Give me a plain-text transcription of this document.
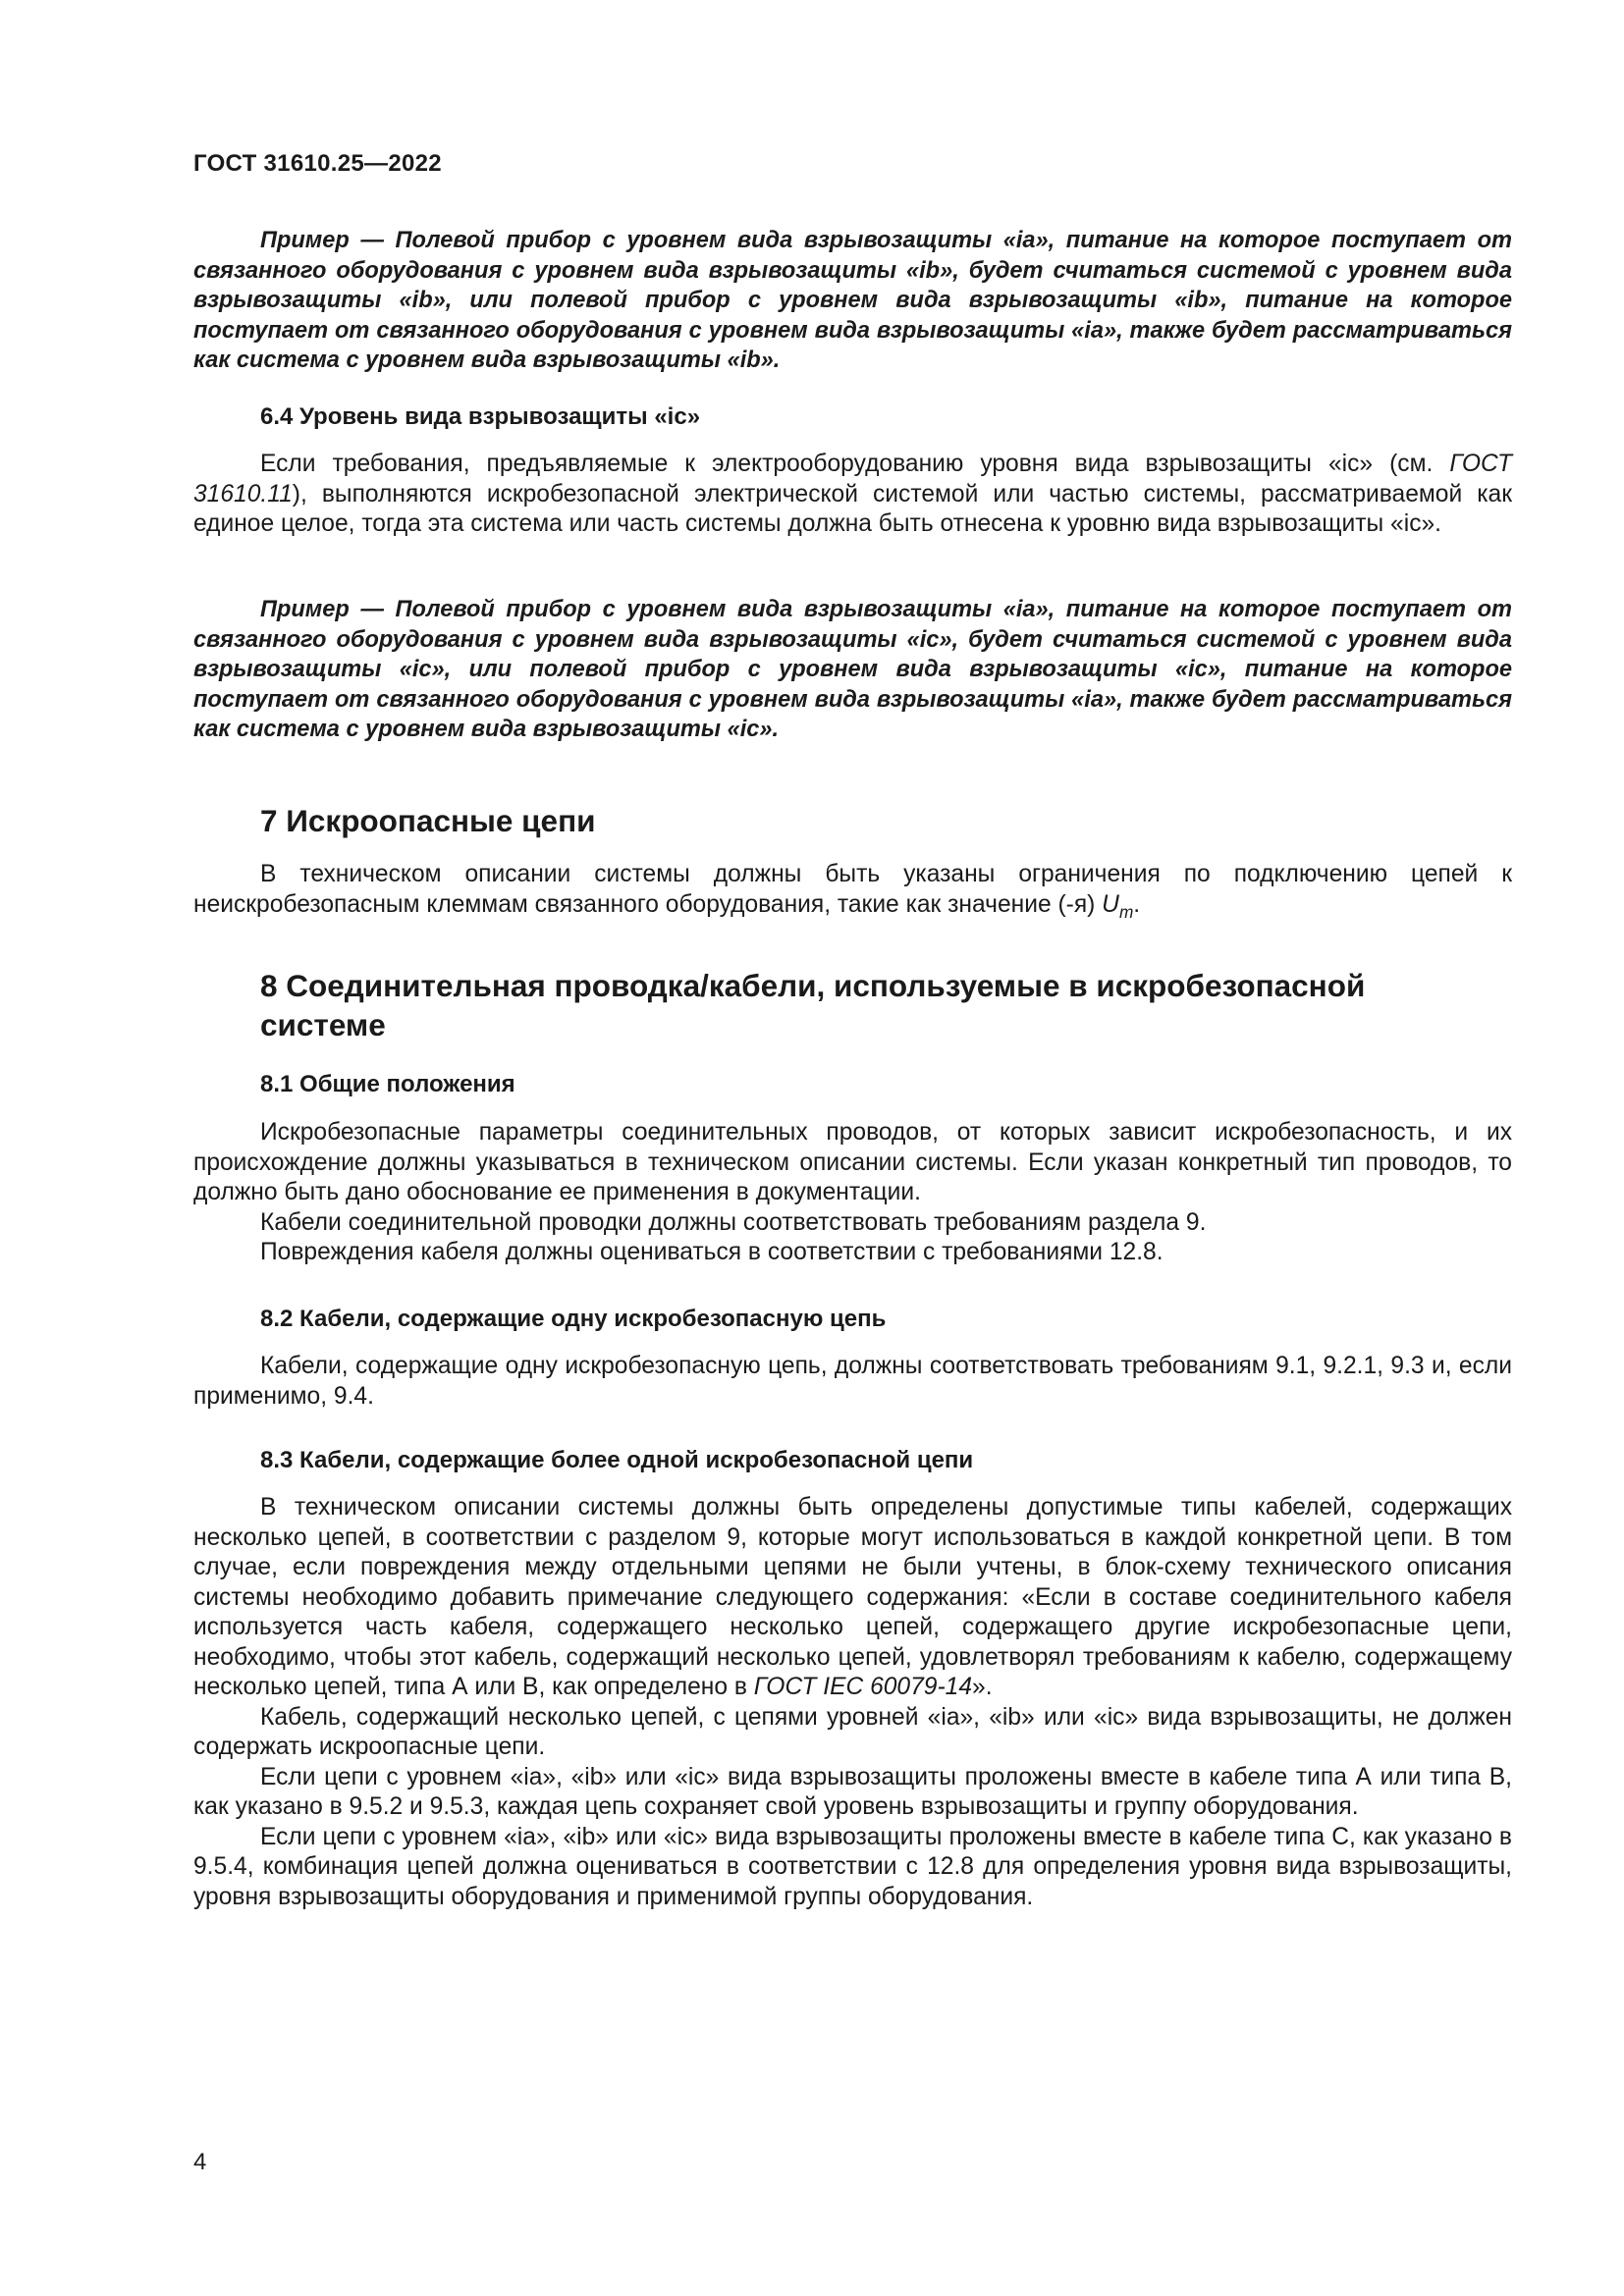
ГОСТ 31610.25—2022

Пример — Полевой прибор с уровнем вида взрывозащиты «ia», питание на которое поступает от связанного оборудования с уровнем вида взрывозащиты «ib», будет считаться системой с уровнем вида взрывозащиты «ib», или полевой прибор с уровнем вида взрывозащиты «ib», питание на которое поступает от связанного оборудования с уровнем вида взрывозащиты «ia», также будет рассматриваться как система с уровнем вида взрывозащиты «ib».

6.4 Уровень вида взрывозащиты «ic»

Если требования, предъявляемые к электрооборудованию уровня вида взрывозащиты «ic» (см. ГОСТ 31610.11), выполняются искробезопасной электрической системой или частью системы, рассматриваемой как единое целое, тогда эта система или часть системы должна быть отнесена к уровню вида взрывозащиты «ic».

Пример — Полевой прибор с уровнем вида взрывозащиты «ia», питание на которое поступает от связанного оборудования с уровнем вида взрывозащиты «ic», будет считаться системой с уровнем вида взрывозащиты «ic», или полевой прибор с уровнем вида взрывозащиты «ic», питание на которое поступает от связанного оборудования с уровнем вида взрывозащиты «ia», также будет рассматриваться как система с уровнем вида взрывозащиты «ic».

7 Искроопасные цепи

В техническом описании системы должны быть указаны ограничения по подключению цепей к неискробезопасным клеммам связанного оборудования, такие как значение (-я) $U_m$.

8 Соединительная проводка/кабели, используемые в искробезопасной

системе

8.1 Общие положения

Искробезопасные параметры соединительных проводов, от которых зависит искробезопасность, и их происхождение должны указываться в техническом описании системы. Если указан конкретный тип проводов, то должно быть дано обоснование ее применения в документации.

Кабели соединительной проводки должны соответствовать требованиям раздела 9.

Повреждения кабеля должны оцениваться в соответствии с требованиями 12.8.

8.2 Кабели, содержащие одну искробезопасную цепь

Кабели, содержащие одну искробезопасную цепь, должны соответствовать требованиям 9.1, 9.2.1, 9.3 и, если применимо, 9.4.

8.3 Кабели, содержащие более одной искробезопасной цепи

В техническом описании системы должны быть определены допустимые типы кабелей, содержащих несколько цепей, в соответствии с разделом 9, которые могут использоваться в каждой конкретной цепи. В том случае, если повреждения между отдельными цепями не были учтены, в блок-схему технического описания системы необходимо добавить примечание следующего содержания: «Если в составе соединительного кабеля используется часть кабеля, содержащего несколько цепей, содержащего другие искробезопасные цепи, необходимо, чтобы этот кабель, содержащий несколько цепей, удовлетворял требованиям к кабелю, содержащему несколько цепей, типа А или В, как определено в ГОСТ IEC 60079-14».

Кабель, содержащий несколько цепей, с цепями уровней «ia», «ib» или «ic» вида взрывозащиты, не должен содержать искроопасные цепи.

Если цепи с уровнем «ia», «ib» или «ic» вида взрывозащиты проложены вместе в кабеле типа А или типа В, как указано в 9.5.2 и 9.5.3, каждая цепь сохраняет свой уровень взрывозащиты и группу оборудования.

Если цепи с уровнем «ia», «ib» или «ic» вида взрывозащиты проложены вместе в кабеле типа С, как указано в 9.5.4, комбинация цепей должна оцениваться в соответствии с 12.8 для определения уровня вида взрывозащиты, уровня взрывозащиты оборудования и применимой группы оборудования.

4
